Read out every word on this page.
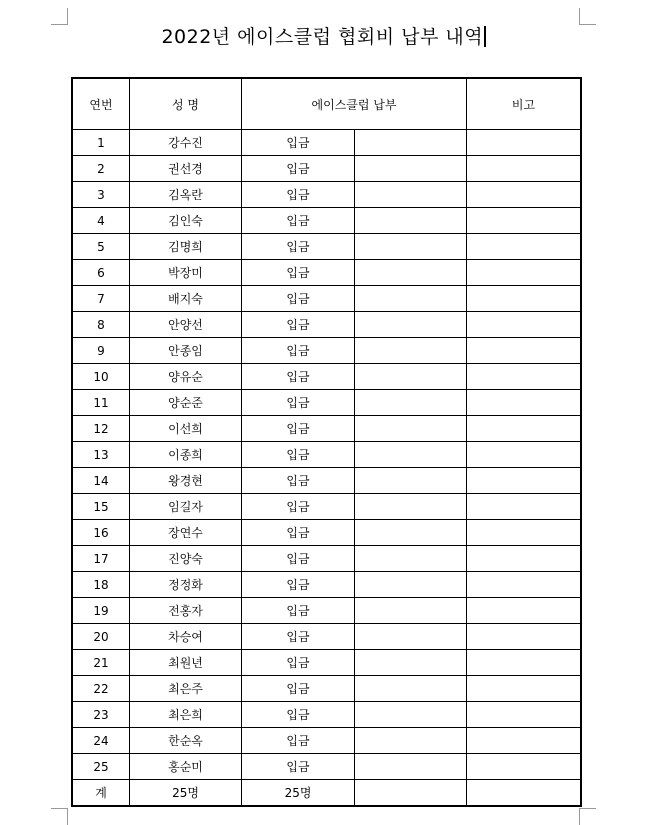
2022년 에이스클럽 협회비 납부 내역
연번	성 명	에이스클럽 납부		비고
1	강수진	입금		
2	권선경	입금		
3	김옥란	입금		
4	김인숙	입금		
5	김명희	입금		
6	박장미	입금		
7	배지숙	입금		
8	안양선	입금		
9	안종임	입금		
10	양유순	입금		
11	양순준	입금		
12	이선희	입금		
13	이종희	입금		
14	왕경현	입금		
15	임길자	입금		
16	장연수	입금		
17	진양숙	입금		
18	정정화	입금		
19	전홍자	입금		
20	차승여	입금		
21	최원년	입금		
22	최은주	입금		
23	최은희	입금		
24	한순옥	입금		
25	홍순미	입금		
계	25명	25명		
